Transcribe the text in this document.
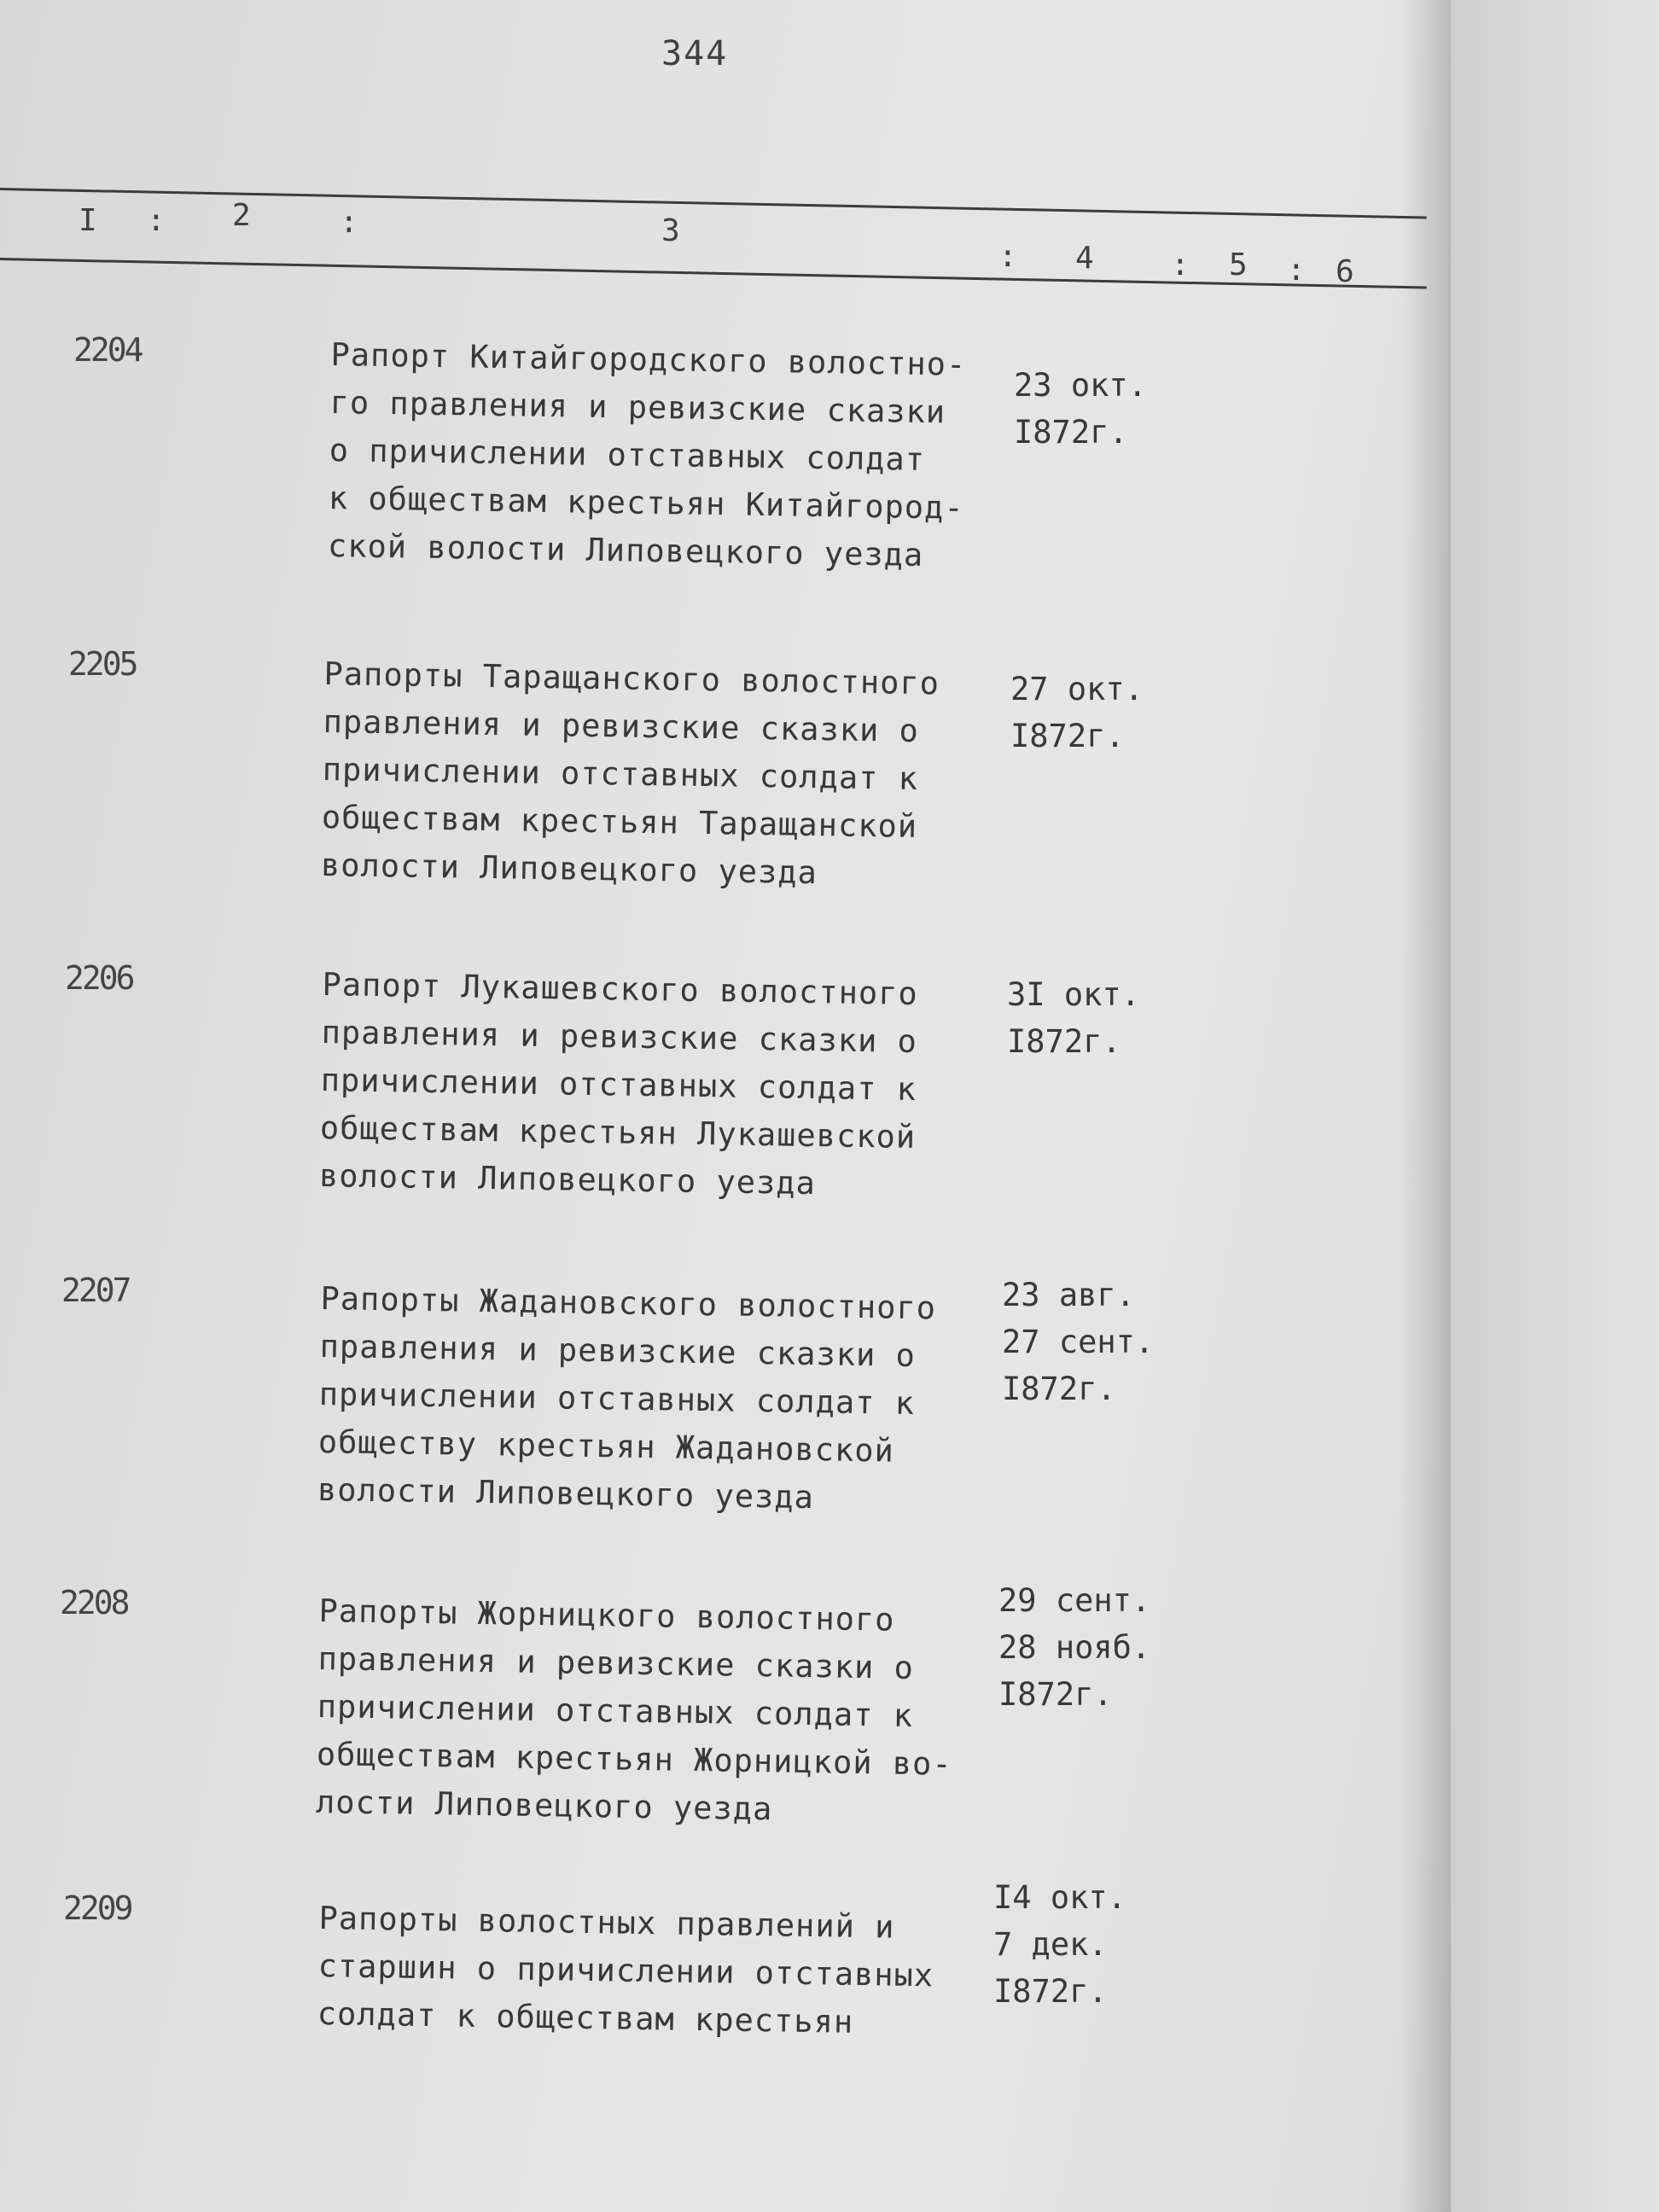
344
I : 2	:	3
: 4	: 5 : 6
2204	Рапорт Китайгородского волостно-
го правления и ревизские сказки
о причислении отставных солдат
к обществам крестьян Китайгород-
ской волости Липовецкого уезда
23 окт.
I872г.
2205	Рапорты Таращанского волостного
правления и ревизские сказки о
причислении отставных солдат к
обществам крестьян Таращанской
волости Липовецкого уезда
27 окт.
I872г.
2206	Рапорт Лукашевского волостного
правления и ревизские сказки о
причислении отставных солдат к
обществам крестьян Лукашевской
волости Липовецкого уезда
3I окт.
I872г.
2207	Рапорты Жадановского волостного
правления и ревизские сказки о
причислении отставных солдат к
обществу крестьян Жадановской
волости Липовецкого уезда
23 авг.
27 сент.
I872г.
2208	Рапорты Жорницкого волостного
правления и ревизские сказки о
причислении отставных солдат к
обществам крестьян Жорницкой во-
лости Липовецкого уезда
29 сент.
28 нояб.
I872г.
2209	Рапорты волостных правлений и
старшин о причислении отставных
солдат к обществам крестьян
I4 окт.
7 дек.
I872г.
